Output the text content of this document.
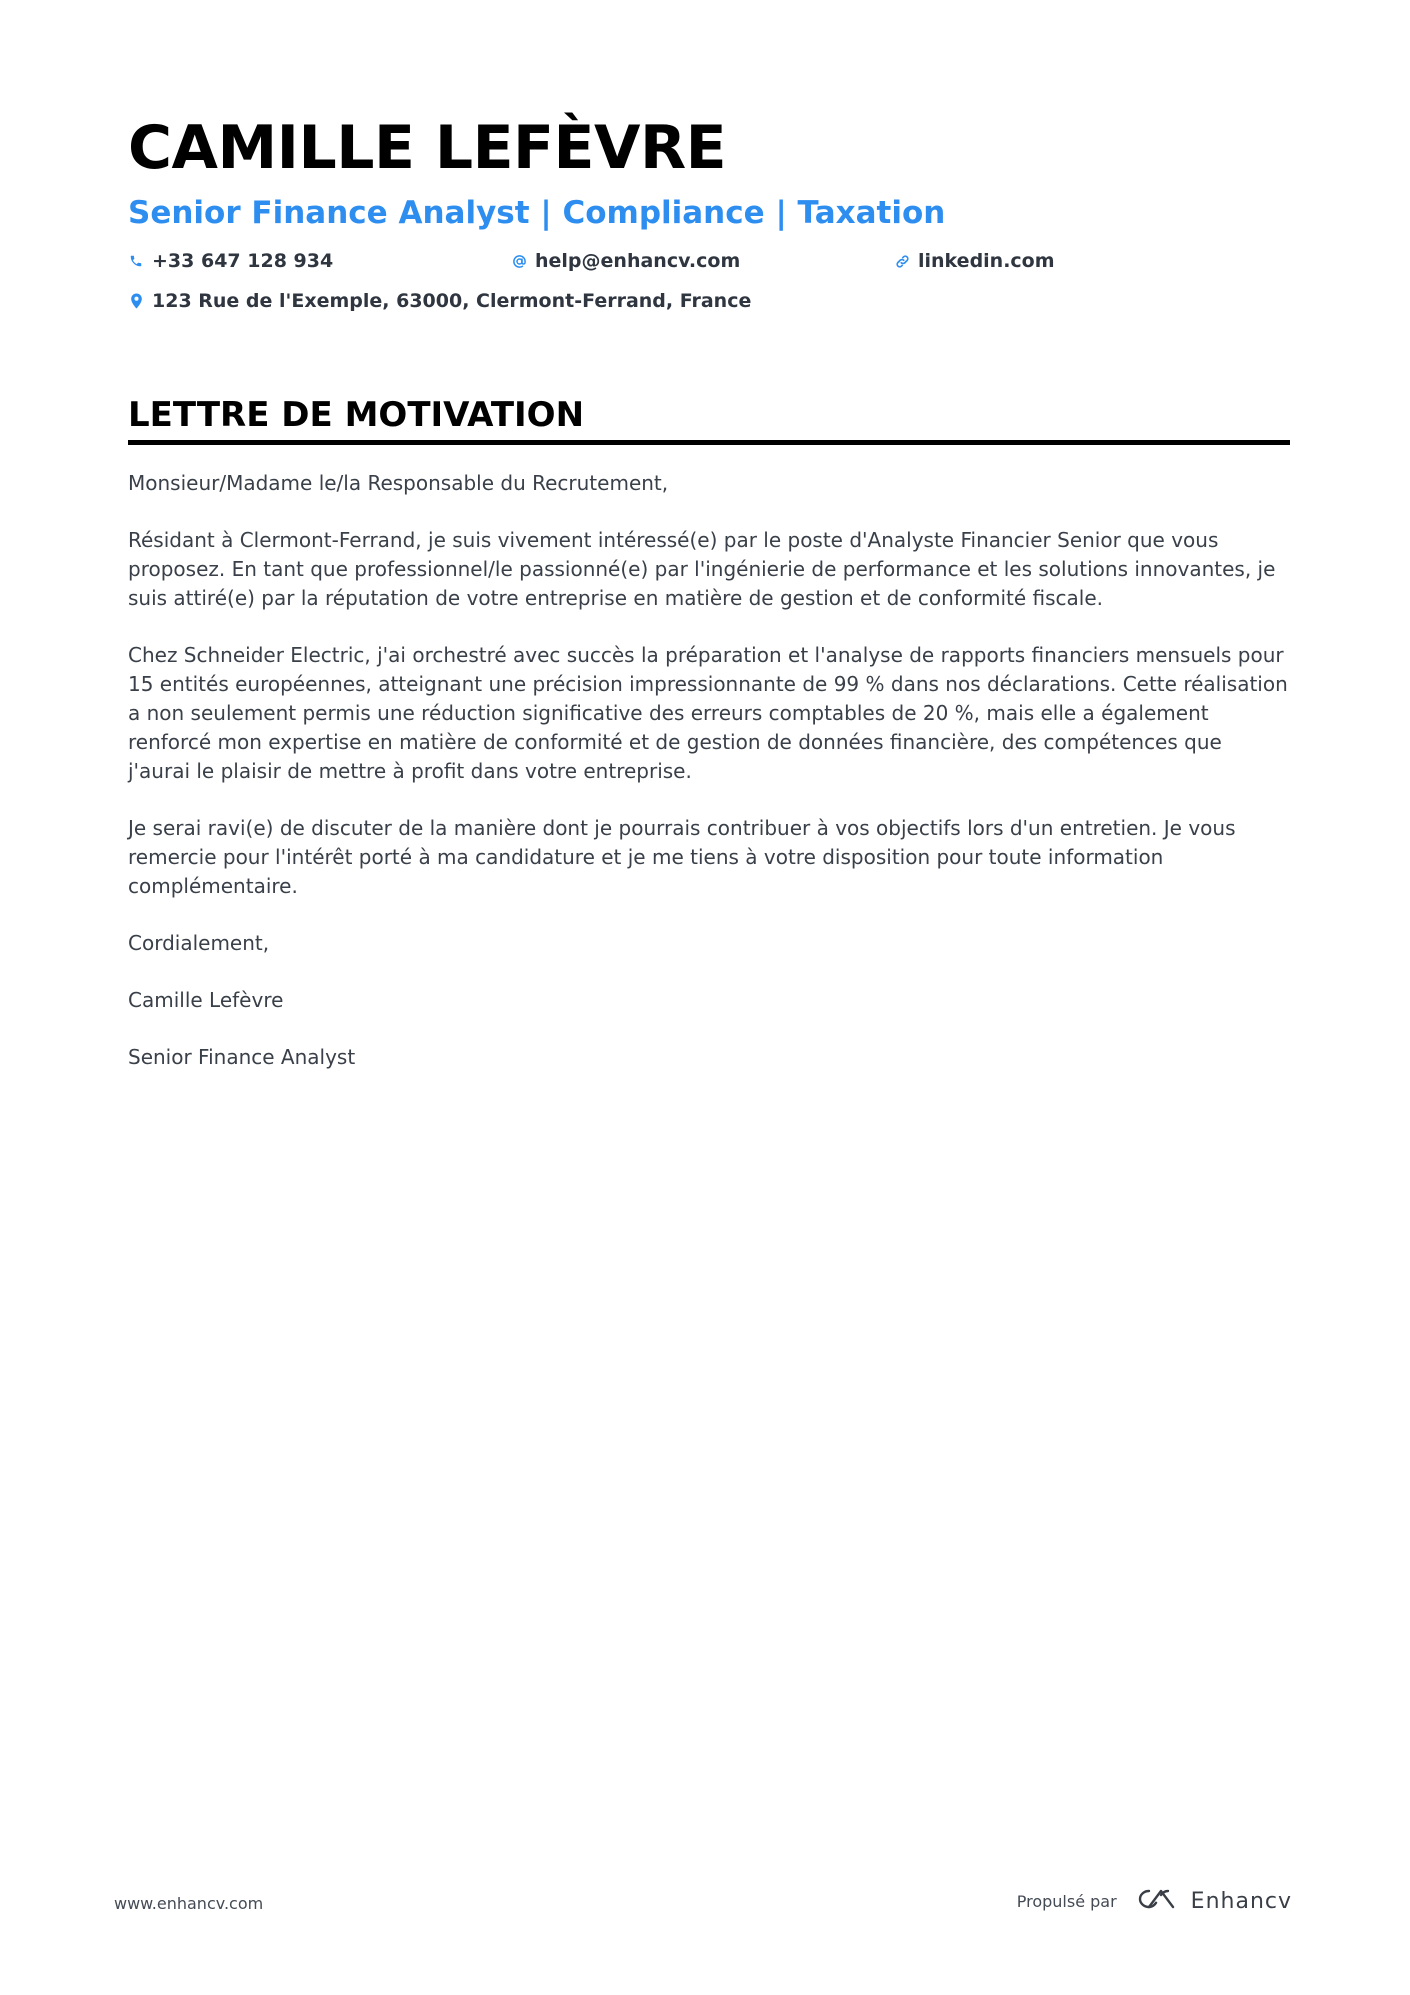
CAMILLE LEFÈVRE
Senior Finance Analyst | Compliance | Taxation
+33 647 128 934	help@enhancv.com	linkedin.com
123 Rue de l'Exemple, 63000, Clermont-Ferrand, France
LETTRE DE MOTIVATION

Monsieur/Madame le/la Responsable du Recrutement,

Résidant à Clermont-Ferrand, je suis vivement intéressé(e) par le poste d'Analyste Financier Senior que vous proposez. En tant que professionnel/le passionné(e) par l'ingénierie de performance et les solutions innovantes, je suis attiré(e) par la réputation de votre entreprise en matière de gestion et de conformité fiscale.

Chez Schneider Electric, j'ai orchestré avec succès la préparation et l'analyse de rapports financiers mensuels pour 15 entités européennes, atteignant une précision impressionnante de 99 % dans nos déclarations. Cette réalisation a non seulement permis une réduction significative des erreurs comptables de 20 %, mais elle a également renforcé mon expertise en matière de conformité et de gestion de données financière, des compétences que j'aurai le plaisir de mettre à profit dans votre entreprise.

Je serai ravi(e) de discuter de la manière dont je pourrais contribuer à vos objectifs lors d'un entretien. Je vous remercie pour l'intérêt porté à ma candidature et je me tiens à votre disposition pour toute information complémentaire.

Cordialement,

Camille Lefèvre

Senior Finance Analyst

www.enhancv.com	Propulsé par	Enhancv
